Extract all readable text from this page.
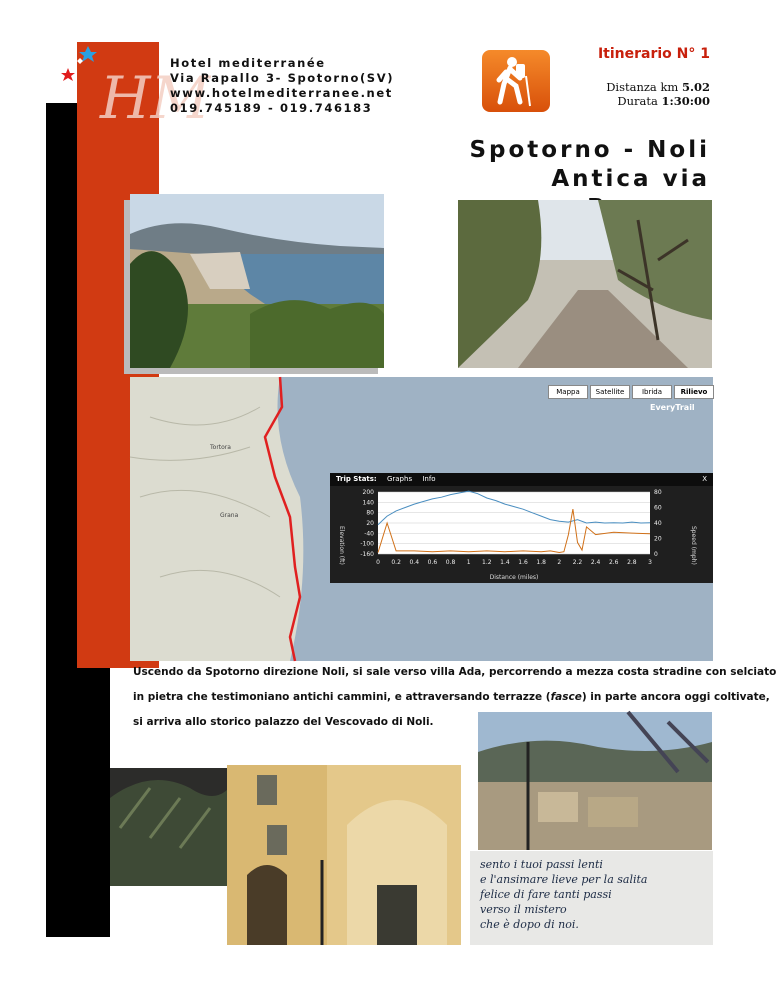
HM
Hotel mediterranée
Via Rapallo 3- Spotorno(SV)
www.hotelmediterranee.net
019.745189 - 019.746183
Itinerario N° 1
Distanza km 5.02
Durata 1:30:00
Spotorno - Noli
Antica via
Tortora
Grana
Mappa	Satellite	Ibrida	Rilievo
EveryTrail
Trip Stats: Graphs Info	X
Elevation (ft)	Speed (mph)
Distance (miles)
200
140
80
20
-40
-100
-160
80
60
40
20
0
0 0.2 0.4 0.6 0.8 1 1.2 1.4 1.6 1.8 2 2.2 2.4 2.6 2.8 3

Uscendo da Spotorno direzione Noli, si sale verso villa Ada, percorrendo a mezza costa stradine con selciato

in pietra che testimoniano antichi cammini, e attraversando terrazze (fasce) in parte ancora oggi coltivate,

si arriva allo storico palazzo del Vescovado di Noli.

sento i tuoi passi lenti
e l'ansimare lieve per la salita
felice di fare tanti passi
verso il mistero
che è dopo di noi.
